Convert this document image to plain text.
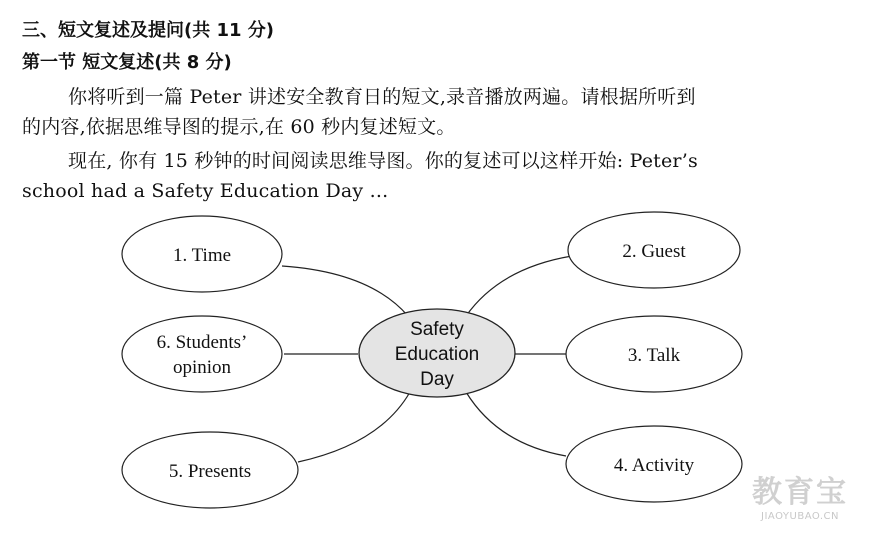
三、短文复述及提问(共 11 分)
第一节 短文复述(共 8 分)
你将听到一篇 Peter 讲述安全教育日的短文,录音播放两遍。请根据所听到
的内容,依据思维导图的提示,在 60 秒内复述短文。
现在, 你有 15 秒钟的时间阅读思维导图。你的复述可以这样开始: Peter’s
school had a Safety Education Day ...
Safety
Education
Day
1. Time	2. Guest
6. Students’
opinion
3. Talk
5. Presents	4. Activity
教育宝
JIAOYUBAO.CN
